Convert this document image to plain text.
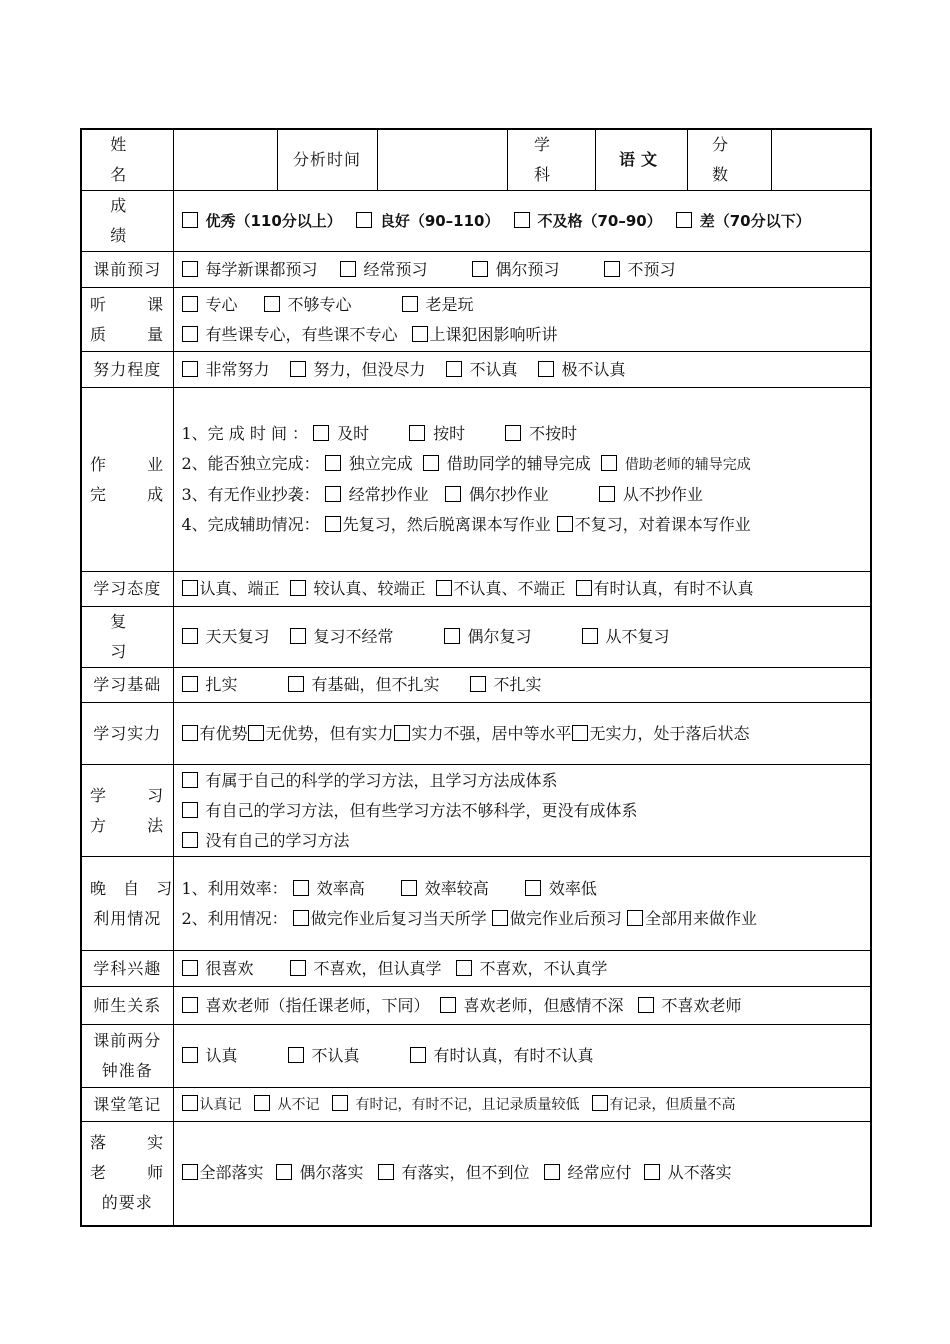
姓 名		分析时间		学 科	语文	分 数	
成 绩	优秀（110分以上） 良好（90–110） 不及格（70–90） 差（70分以下）						
课前预习	每学新课都预习 经常预习 偶尔预习 不预习						

听 课
质 量	专心 不够专心 老是玩
有些课专心，有些课不专心 上课犯困影响听讲						

努力程度	非常努力 努力，但没尽力 不认真 极不认真						

作 业
完 成	1、完 成 时 间 ： 及时 按时 不按时
2、能否独立完成： 独立完成 借助同学的辅导完成 借助老师的辅导完成
3、有无作业抄袭： 经常抄作业 偶尔抄作业 从不抄作业
4、完成辅助情况： 先复习，然后脱离课本写作业 不复习，对着课本写作业						

学习态度	认真、端正 较认真、较端正 不认真、不端正 有时认真，有时不认真						
复 习	天天复习 复习不经常 偶尔复习 从不复习						
学习基础	扎实 有基础，但不扎实 不扎实						
学习实力	有优势 无优势，但有实力 实力不强，居中等水平 无实力，处于落后状态						

学 习
方 法	有属于自己的科学的学习方法，且学习方法成体系
有自己的学习方法，但有些学习方法不够科学，更没有成体系
没有自己的学习方法						

晚 自 习
利用情况	1、利用效率： 效率高 效率较高 效率低
2、利用情况： 做完作业后复习当天所学 做完作业后预习 全部用来做作业						

学科兴趣	很喜欢 不喜欢，但认真学 不喜欢，不认真学						
师生关系	喜欢老师（指任课老师，下同） 喜欢老师，但感情不深 不喜欢老师						

课前两分
钟准备	认真 不认真 有时认真，有时不认真						
课堂笔记	认真记 从不记 有时记，有时不记，且记录质量较低 有记录，但质量不高						

落 实
老 师
的要求	全部落实 偶尔落实 有落实，但不到位 经常应付 从不落实						
